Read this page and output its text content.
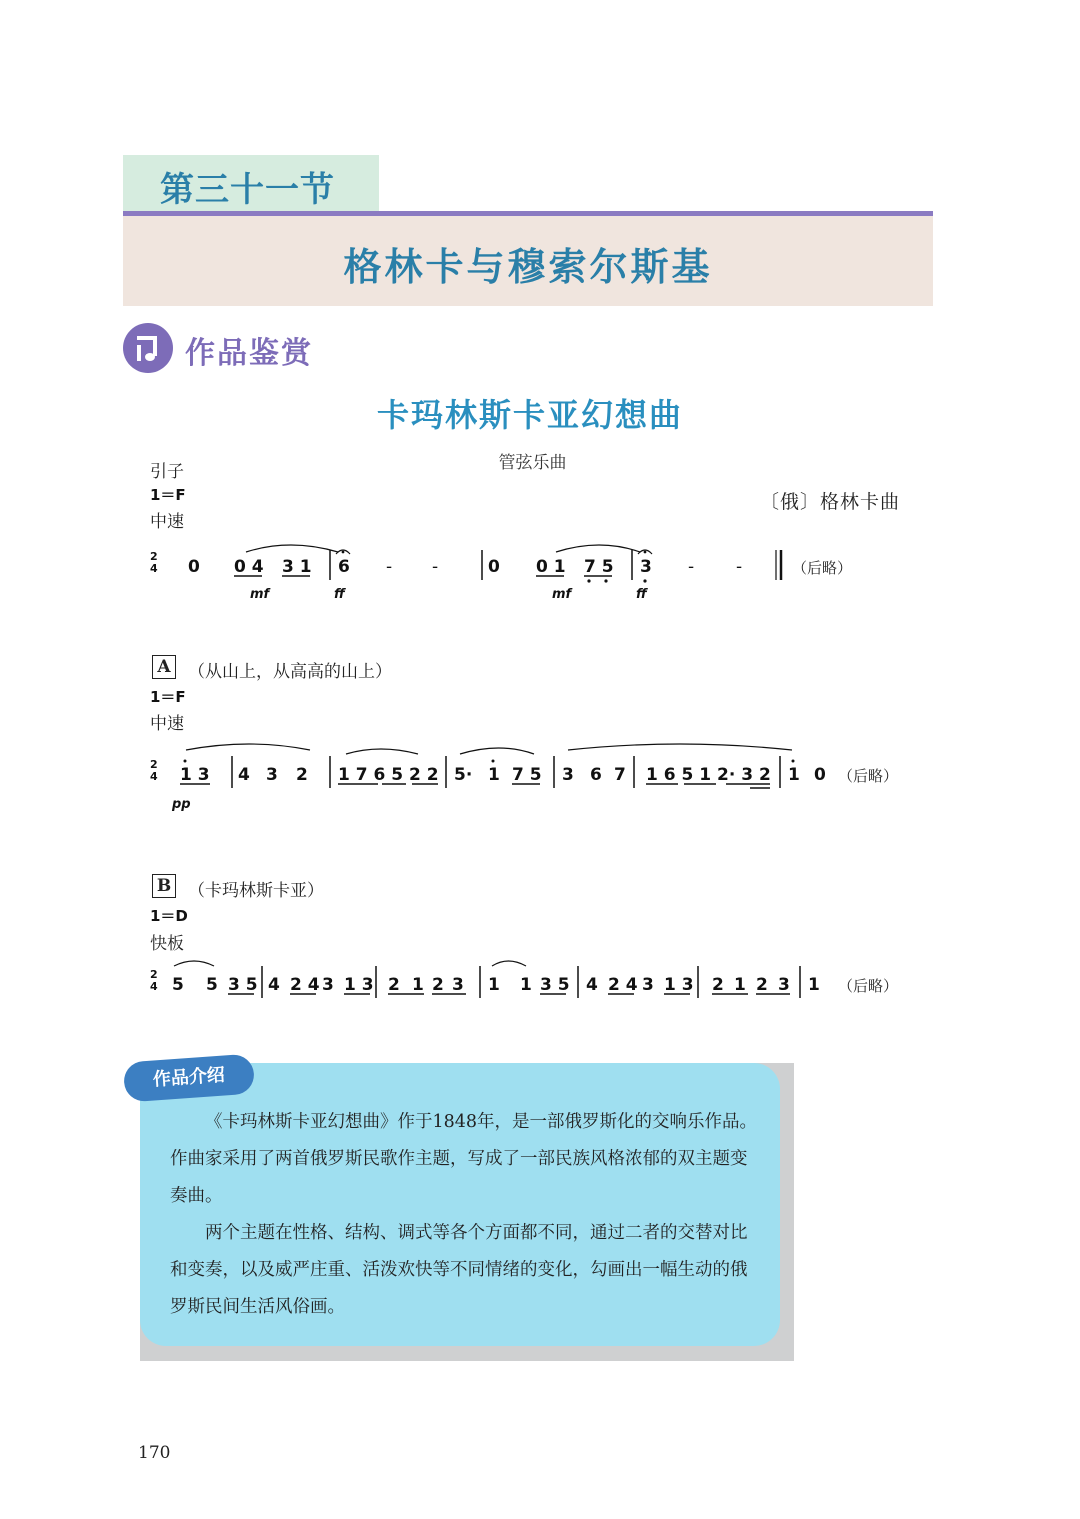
第三十一节
格林卡与穆索尔斯基
作品鉴赏
卡玛林斯卡亚幻想曲
管弦乐曲
引子
1＝F	〔俄〕格林卡曲
中速
2
4 0 0 4 3 1 6 - -	0 0 1 7 5 3 - -
mf	ff	mf	ff
（后略）
A	（从山上，从高高的山上）
1＝F
中速
2
4 1 3 4 3 2 1 7 6 5 2 2 5· 1 7 5 3 6 7 1 6 5 1 2· 3 2 1 0
pp
（后略）
B （卡玛林斯卡亚）
1＝D
快板
2
4 5 5 3 5 4 2 4 3 1 3 2 1 2 3 1 1 3 5 4 2 4 3 1 3 2 1 2 3 1 （后略）
作品介绍

《卡玛林斯卡亚幻想曲》作于1848年，是一部俄罗斯化的交响乐作品。作曲家采用了两首俄罗斯民歌作主题，写成了一部民族风格浓郁的双主题变奏曲。

两个主题在性格、结构、调式等各个方面都不同，通过二者的交替对比和变奏，以及威严庄重、活泼欢快等不同情绪的变化，勾画出一幅生动的俄罗斯民间生活风俗画。

170
